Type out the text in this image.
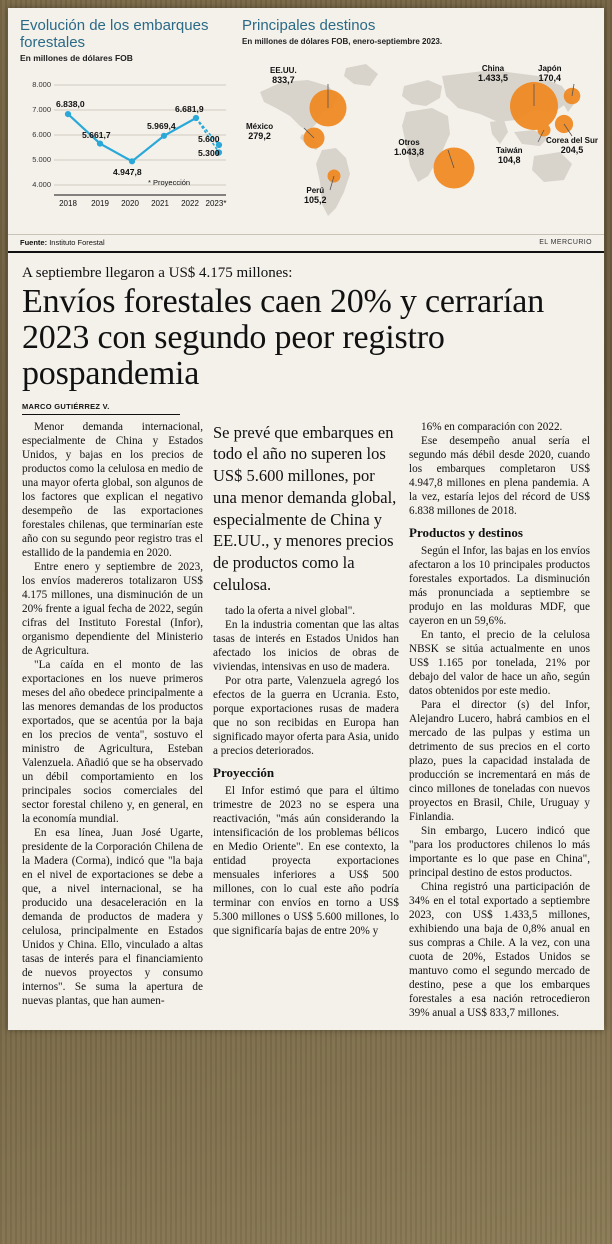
Evolución de los embarques forestales
En millones de dólares FOB
8.000
7.000
6.000
5.000
4.000
6.838,0
5.661,7
4.947,8
5.969,4
6.681,9
5.600
5.300
2018 2019 2020 2021 2022 2023*
* Proyección
Principales destinos
En millones de dólares FOB, enero-septiembre 2023.
EE.UU.
833,7
China
1.433,5
Japón
170,4
México
279,2
Otros
1.043,8	Taiwán
104,8
Corea del Sur
204,5
Perú
105,2
Fuente: Instituto Forestal	EL MERCURIO
A septiembre llegaron a US$ 4.175 millones:
Envíos forestales caen 20% y cerrarían 2023 con segundo peor registro pospandemia
MARCO GUTIÉRREZ V.

Menor demanda internacional, especialmente de China y Estados Unidos, y bajas en los precios de productos como la celulosa en medio de una mayor oferta global, son algunos de los factores que explican el negativo desempeño de las exportaciones forestales chilenas, que terminarían este año con su segundo peor registro tras el estallido de la pandemia en 2020.

Entre enero y septiembre de 2023, los envíos madereros totalizaron US$ 4.175 millones, una disminución de un 20% frente a igual fecha de 2022, según cifras del Instituto Forestal (Infor), organismo dependiente del Ministerio de Agricultura.

"La caída en el monto de las exportaciones en los nueve primeros meses del año obedece principalmente a las menores demandas de los productos exportados, que se acentúa por la baja en los precios de venta", sostuvo el ministro de Agricultura, Esteban Valenzuela. Añadió que se ha observado un débil comportamiento en los principales socios comerciales del sector forestal chileno y, en general, en la economía mundial.

En esa línea, Juan José Ugarte, presidente de la Corporación Chilena de la Madera (Corma), indicó que "la baja en el nivel de exportaciones se debe a que, a nivel internacional, se ha producido una desaceleración en la demanda de productos de madera y celulosa, principalmente en Estados Unidos y China. Ello, vinculado a altas tasas de interés para el financiamiento de nuevos proyectos y consumo internos". Se suma la apertura de nuevas plantas, que han aumen-

Se prevé que embarques en todo el año no superen los US$ 5.600 millones, por una menor demanda global, especialmente de China y EE.UU., y menores precios de productos como la celulosa.

tado la oferta a nivel global".

En la industria comentan que las altas tasas de interés en Estados Unidos han afectado los inicios de obras de viviendas, intensivas en uso de madera.

Por otra parte, Valenzuela agregó los efectos de la guerra en Ucrania. Esto, porque exportaciones rusas de madera que no son recibidas en Europa han significado mayor oferta para Asia, unido a precios deteriorados.

Proyección

El Infor estimó que para el último trimestre de 2023 no se espera una reactivación, "más aún considerando la intensificación de los problemas bélicos en Medio Oriente". En ese contexto, la entidad proyecta exportaciones mensuales inferiores a US$ 500 millones, con lo cual este año podría terminar con envíos en torno a US$ 5.300 millones o US$ 5.600 millones, lo que significaría bajas de entre 20% y

16% en comparación con 2022.

Ese desempeño anual sería el segundo más débil desde 2020, cuando los embarques completaron US$ 4.947,8 millones en plena pandemia. A la vez, estaría lejos del récord de US$ 6.838 millones de 2018.

Productos y destinos

Según el Infor, las bajas en los envíos afectaron a los 10 principales productos forestales exportados. La disminución más pronunciada a septiembre se produjo en las molduras MDF, que cayeron en un 59,6%.

En tanto, el precio de la celulosa NBSK se sitúa actualmente en unos US$ 1.165 por tonelada, 21% por debajo del valor de hace un año, según datos obtenidos por este medio.

Para el director (s) del Infor, Alejandro Lucero, habrá cambios en el mercado de las pulpas y estima un detrimento de sus precios en el corto plazo, pues la capacidad instalada de producción se incrementará en más de cinco millones de toneladas con nuevos proyectos en Brasil, Chile, Uruguay y Finlandia.

Sin embargo, Lucero indicó que "para los productores chilenos lo más importante es lo que pase en China", principal destino de estos productos.

China registró una participación de 34% en el total exportado a septiembre 2023, con US$ 1.433,5 millones, exhibiendo una baja de 0,8% anual en sus compras a Chile. A la vez, con una cuota de 20%, Estados Unidos se mantuvo como el segundo mercado de destino, pese a que los embarques forestales a esa nación retrocedieron 39% anual a US$ 833,7 millones.
